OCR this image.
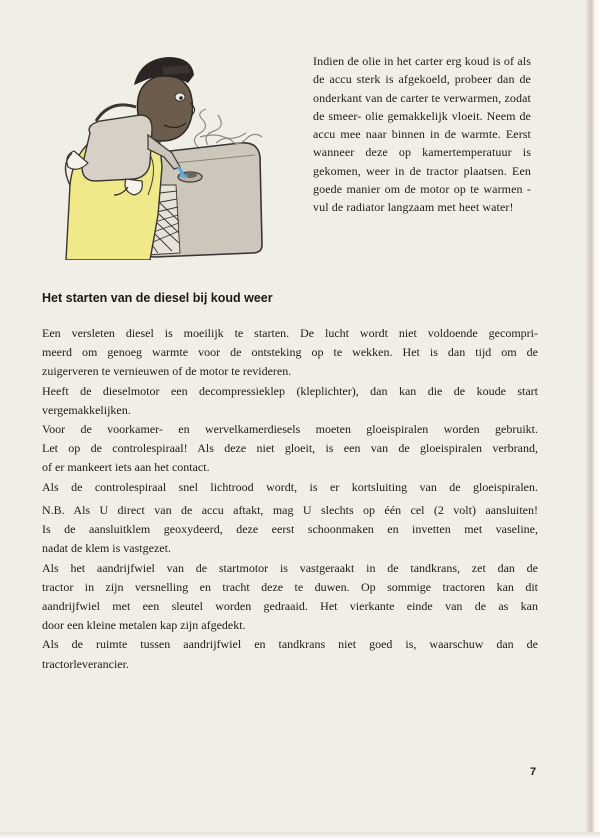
Indien de olie in het carter erg koud is of als de accu sterk is afgekoeld, probeer dan de onderkant van de carter te verwarmen, zodat de smeer- olie gemakkelijk vloeit. Neem de accu mee naar binnen in de warmte. Eerst wanneer deze op kamertemperatuur is gekomen, weer in de tractor plaatsen. Een goede manier om de motor op te warmen - vul de radiator langzaam met heet water!
Het starten van de diesel bij koud weer
Een versleten diesel is moeilijk te starten. De lucht wordt niet voldoende gecompri-
meerd om genoeg warmte voor de ontsteking op te wekken. Het is dan tijd om de
zuigerveren te vernieuwen of de motor te revideren.
Heeft de dieselmotor een decompressieklep (kleplichter), dan kan die de koude start
vergemakkelijken.
Voor de voorkamer- en wervelkamerdiesels moeten gloeispiralen worden gebruikt.
Let op de controlespiraal! Als deze niet gloeit, is een van de gloeispiralen verbrand,
of er mankeert iets aan het contact.
Als de controlespiraal snel lichtrood wordt, is er kortsluiting van de gloeispiralen.
N.B. Als U direct van de accu aftakt, mag U slechts op één cel (2 volt) aansluiten!
Is de aansluitklem geoxydeerd, deze eerst schoonmaken en invetten met vaseline,
nadat de klem is vastgezet.
Als het aandrijfwiel van de startmotor is vastgeraakt in de tandkrans, zet dan de
tractor in zijn versnelling en tracht deze te duwen. Op sommige tractoren kan dit
aandrijfwiel met een sleutel worden gedraaid. Het vierkante einde van de as kan
door een kleine metalen kap zijn afgedekt.
Als de ruimte tussen aandrijfwiel en tandkrans niet goed is, waarschuw dan de
tractorleverancier.
7
